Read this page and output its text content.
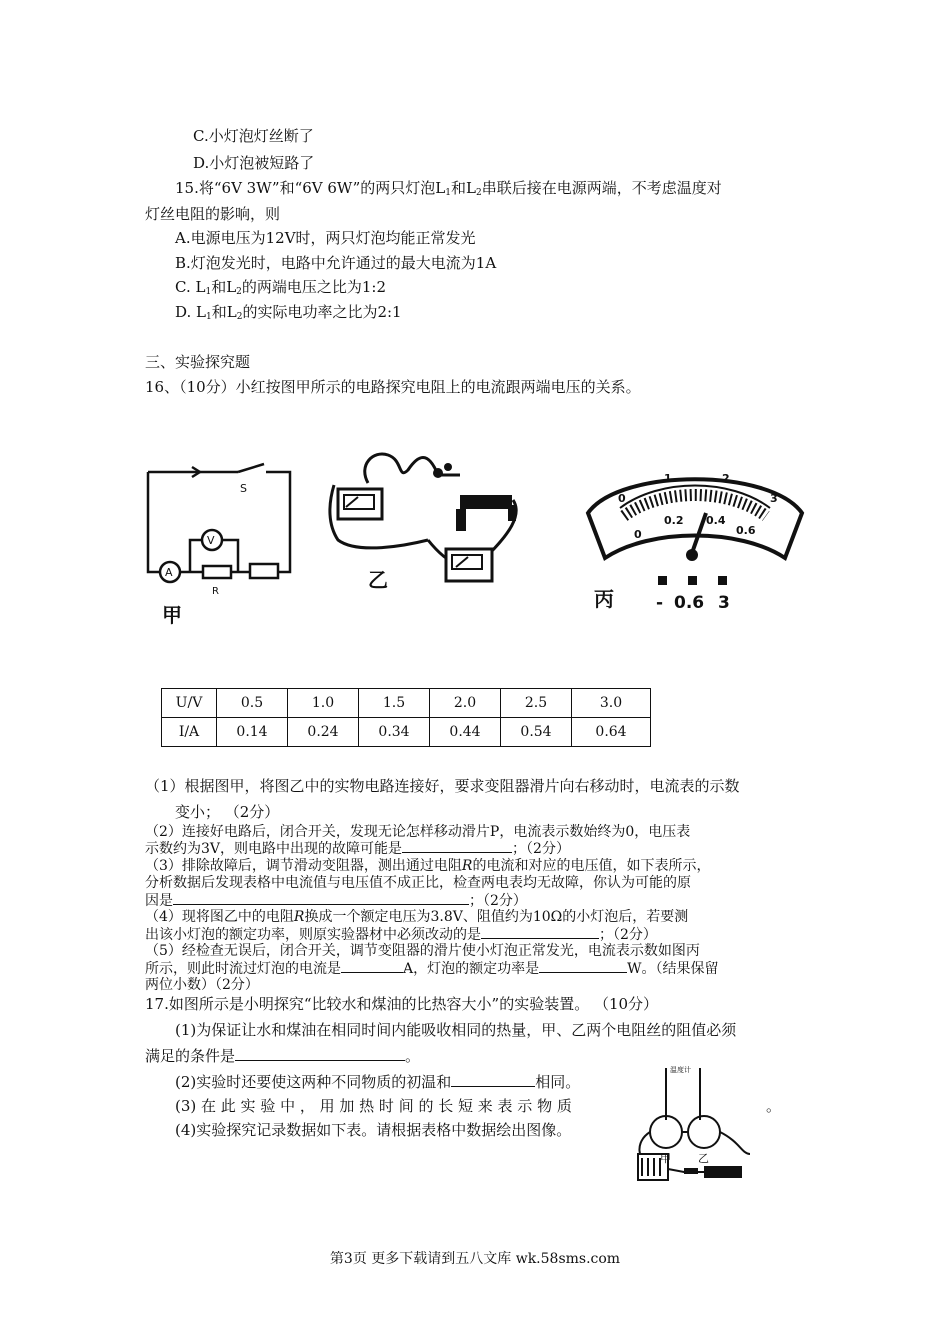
C.小灯泡灯丝断了
D.小灯泡被短路了
15.将“6V 3W”和“6V 6W”的两只灯泡$L_1$和$L_2$串联后接在电源两端，不考虑温度对
灯丝电阻的影响，则
A.电源电压为12V时，两只灯泡均能正常发光
B.灯泡发光时，电路中允许通过的最大电流为1A
C. $L_1$和$L_2$的两端电压之比为1:2
D. $L_1$和$L_2$的实际电功率之比为2:1
三、实验探究题
16、（10分）小红按图甲所示的电路探究电阻上的电流跟两端电压的关系。
A
V
S
R
甲
乙
0
1	2
3
0
0.2 0.4
0.6
- 0.6 3
丙
U/V	0.5	1.0	1.5	2.0	2.5	3.0
I/A	0.14	0.24	0.34	0.44	0.54	0.64
（1）根据图甲，将图乙中的实物电路连接好，要求变阻器滑片向右移动时，电流表的示数
变小； （2分）
（2）连接好电路后，闭合开关，发现无论怎样移动滑片P，电流表示数始终为0，电压表
示数约为3V，则电路中出现的故障可能是	；（2分）
（3）排除故障后，调节滑动变阻器，测出通过电阻R的电流和对应的电压值，如下表所示，
分析数据后发现表格中电流值与电压值不成正比，检查两电表均无故障，你认为可能的原
因是	；（2分）
（4）现将图乙中的电阻R换成一个额定电压为3.8V、阻值约为10Ω的小灯泡后，若要测
出该小灯泡的额定功率，则原实验器材中必须改动的是	；（2分）
（5）经检查无误后，闭合开关，调节变阻器的滑片使小灯泡正常发光，电流表示数如图丙
所示，则此时流过灯泡的电流是	A，灯泡的额定功率是	W。（结果保留
两位小数）（2分）
17.如图所示是小明探究“比较水和煤油的比热容大小”的实验装置。 （10分）
(1)为保证让水和煤油在相同时间内能吸收相同的热量，甲、乙两个电阻丝的阻值必须
满足的条件是	。
(2)实验时还要使这两种不同物质的初温和	相同。
(3) 在 此 实 验 中 ， 用 加 热 时 间 的 长 短 来 表 示 物 质	。
(4)实验探究记录数据如下表。请根据表格中数据绘出图像。
温度计
甲 乙
第3页 更多下载请到五八文库 wk.58sms.com
